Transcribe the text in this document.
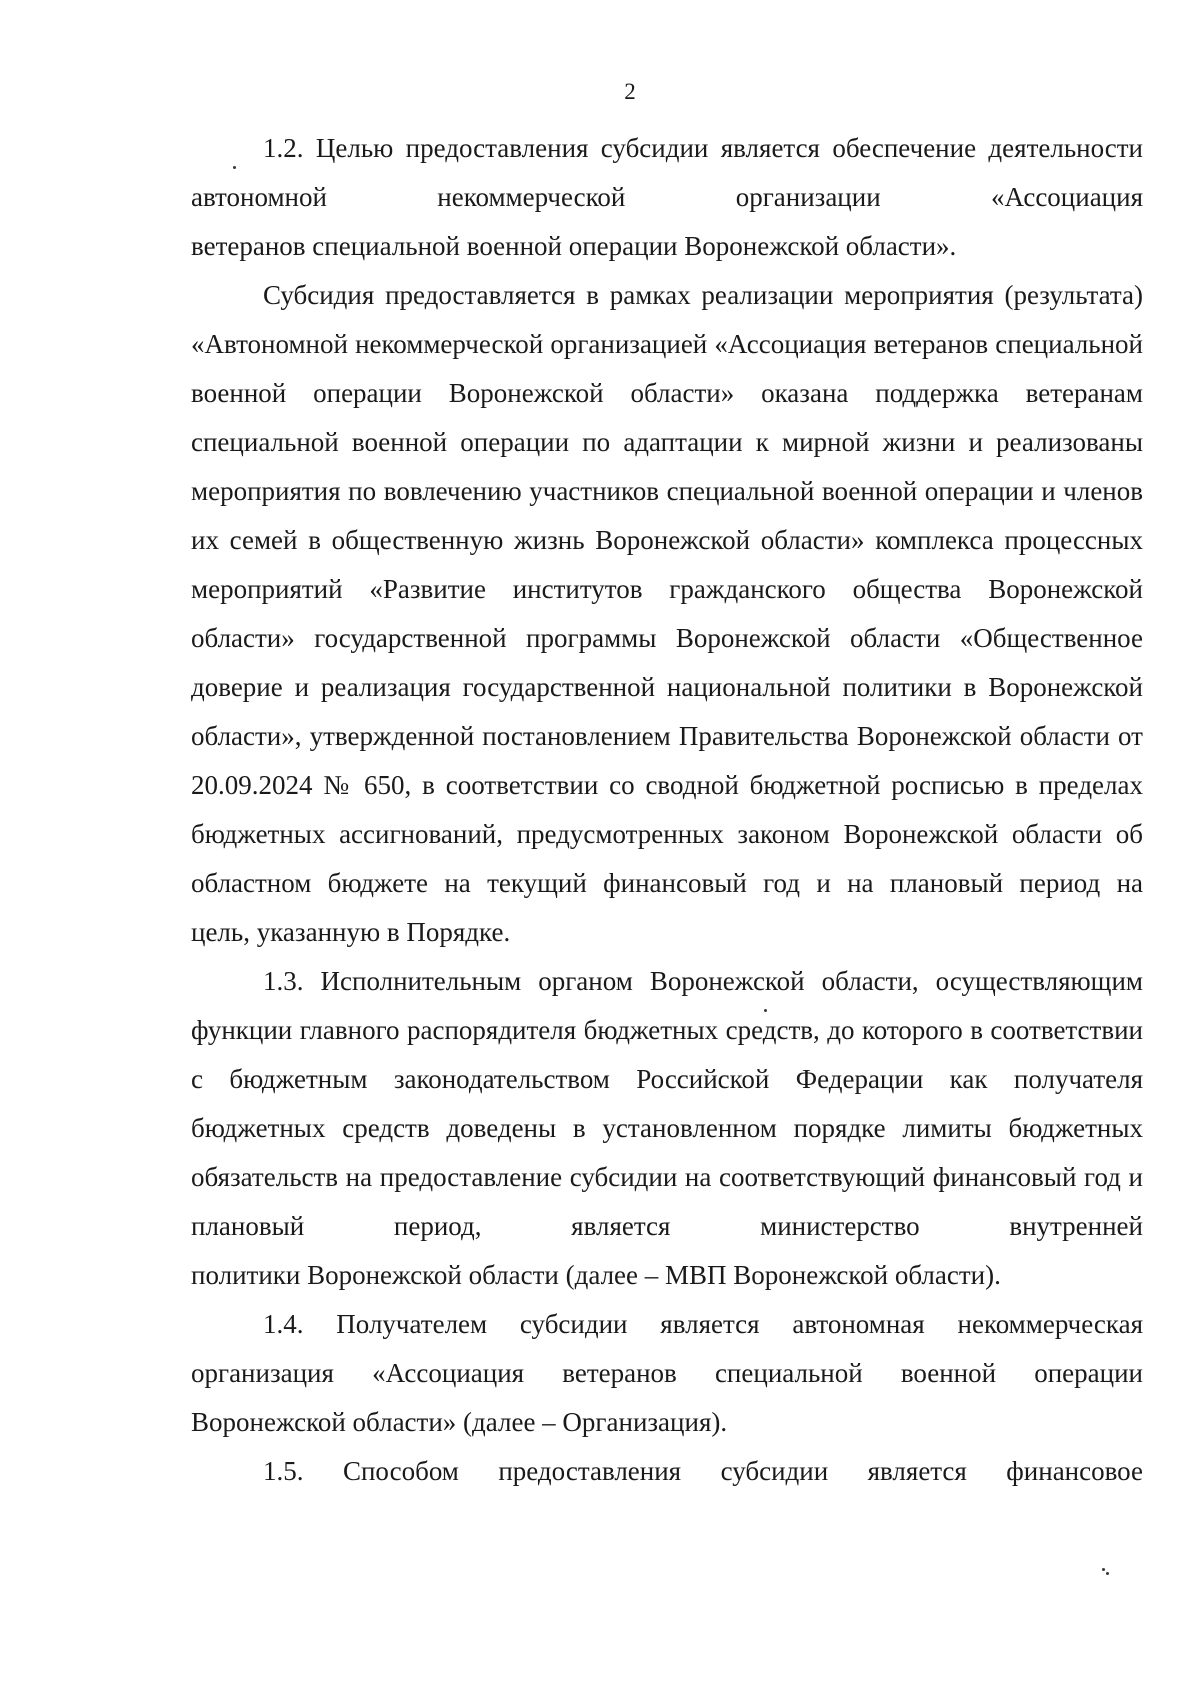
2

1.2. Целью предоставления субсидии является обеспечение деятельности автономной некоммерческой организации «Ассоциация
ветеранов специальной военной операции Воронежской области».

Субсидия предоставляется в рамках реализации мероприятия (результата) «Автономной некоммерческой организацией «Ассоциация ветеранов специальной военной операции Воронежской области» оказана поддержка ветеранам специальной военной операции по адаптации к мирной жизни и реализованы мероприятия по вовлечению участников специальной военной операции и членов их семей в общественную жизнь Воронежской области» комплекса процессных мероприятий «Развитие институтов гражданского общества Воронежской области» государственной программы Воронежской области «Общественное доверие и реализация государственной национальной политики в Воронежской области», утвержденной постановлением Правительства Воронежской области от 20.09.2024 № 650, в соответствии со сводной бюджетной росписью в пределах бюджетных ассигнований, предусмотренных законом Воронежской области об областном бюджете на текущий финансовый год и на плановый период на
цель, указанную в Порядке.

1.3. Исполнительным органом Воронежской области, осуществляющим функции главного распорядителя бюджетных средств, до которого в соответствии с бюджетным законодательством Российской Федерации как получателя бюджетных средств доведены в установленном порядке лимиты бюджетных обязательств на предоставление субсидии на соответствующий финансовый год и плановый период, является министерство внутренней
политики Воронежской области (далее – МВП Воронежской области).

1.4. Получателем субсидии является автономная некоммерческая организация «Ассоциация ветеранов специальной военной операции
Воронежской области» (далее – Организация).

1.5. Способом предоставления субсидии является финансовое
